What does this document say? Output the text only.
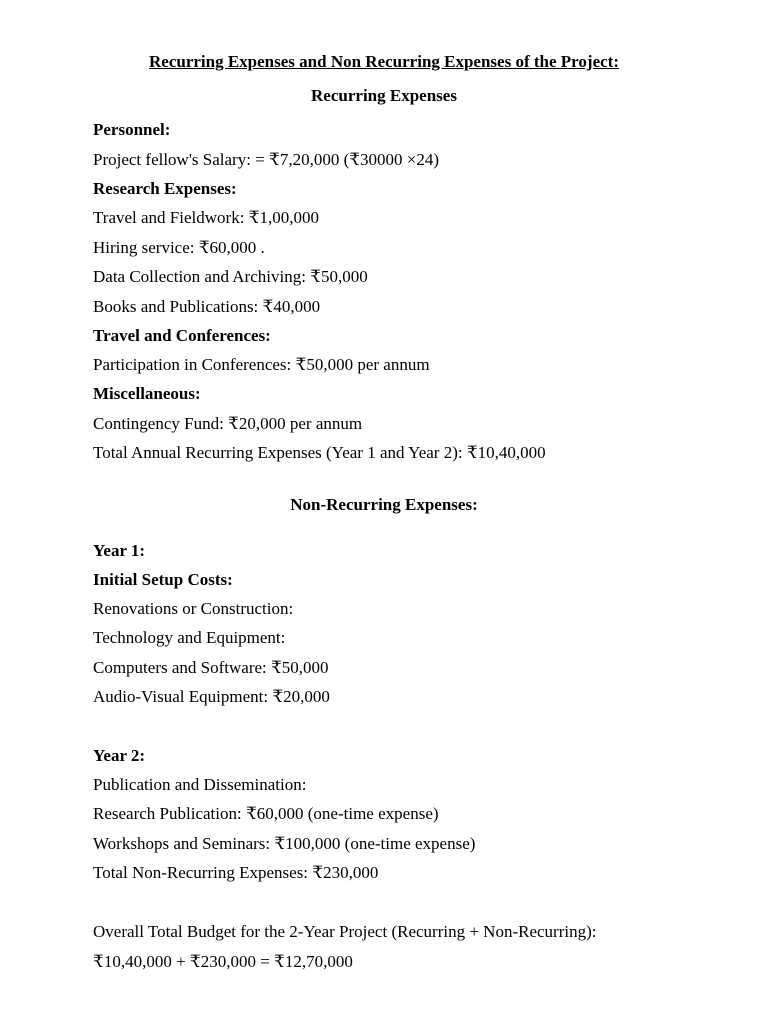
Recurring Expenses and Non Recurring Expenses of the Project:
Recurring Expenses
Personnel:
Project fellow's Salary: = ₹7,20,000 (₹30000 ×24)
Research Expenses:
Travel and Fieldwork: ₹1,00,000
Hiring service: ₹60,000 .
Data Collection and Archiving: ₹50,000
Books and Publications: ₹40,000
Travel and Conferences:
Participation in Conferences: ₹50,000 per annum
Miscellaneous:
Contingency Fund: ₹20,000 per annum
Total Annual Recurring Expenses (Year 1 and Year 2): ₹10,40,000
Non-Recurring Expenses:
Year 1:
Initial Setup Costs:
Renovations or Construction:
Technology and Equipment:
Computers and Software: ₹50,000
Audio-Visual Equipment: ₹20,000
Year 2:
Publication and Dissemination:
Research Publication: ₹60,000 (one-time expense)
Workshops and Seminars: ₹100,000 (one-time expense)
Total Non-Recurring Expenses: ₹230,000
Overall Total Budget for the 2-Year Project (Recurring + Non-Recurring):
₹10,40,000 + ₹230,000 = ₹12,70,000
